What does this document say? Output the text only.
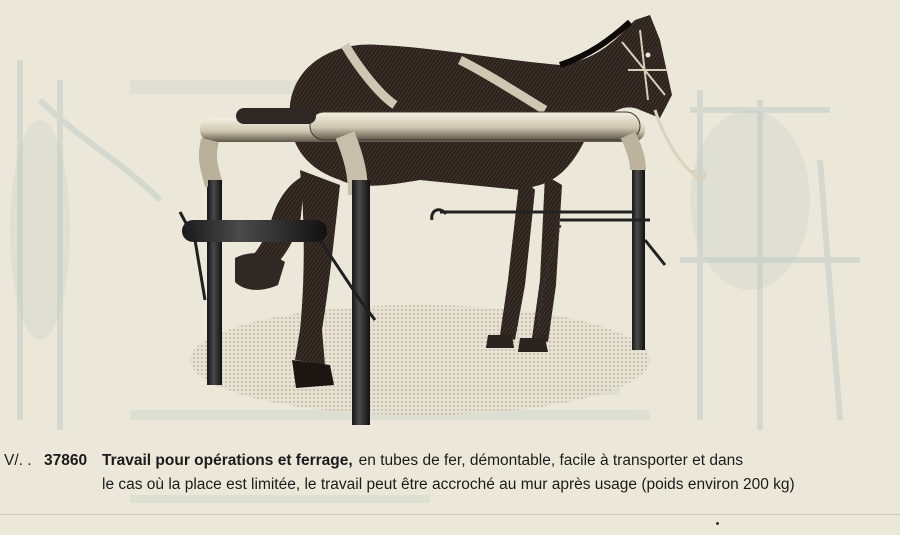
V/. . 37860 Travail pour opérations et ferrage, en tubes de fer, démontable, facile à transporter et dans
le cas où la place est limitée, le travail peut être accroché au mur après usage (poids environ 200 kg)
